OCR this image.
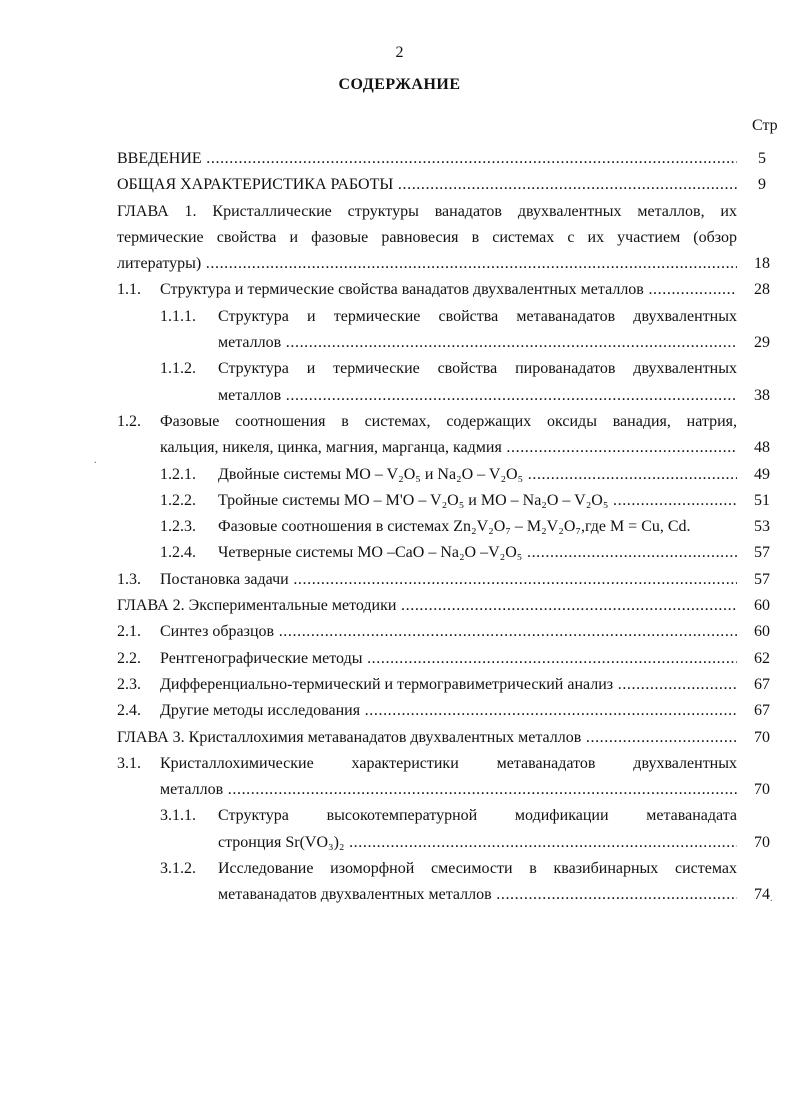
2
СОДЕРЖАНИЕ
Стр
ВВЕДЕНИЕ .....	5
ОБЩАЯ ХАРАКТЕРИСТИКА РАБОТЫ .....	9
ГЛАВА 1. Кристаллические структуры ванадатов двухвалентных металлов, их
термические свойства и фазовые равновесия в системах с их участием (обзор
литературы) .....	18
1.1. Структура и термические свойства ванадатов двухвалентных металлов .....	28
1.1.1. Структура и термические свойства метаванадатов двухвалентных
металлов .....	29
1.1.2. Структура и термические свойства пированадатов двухвалентных
металлов .....	38
1.2. Фазовые соотношения в системах, содержащих оксиды ванадия, натрия,
кальция, никеля, цинка, магния, марганца, кадмия .....	48
1.2.1. Двойные системы MO – V₂O₅ и Na₂O – V₂O₅ .....	49
1.2.2. Тройные системы MO – M'O – V₂O₅ и MO – Na₂O – V₂O₅ .....	51
1.2.3. Фазовые соотношения в системах Zn₂V₂O₇ – M₂V₂O₇,где M = Cu, Cd.	53
1.2.4. Четверные системы MO –CaO – Na₂O –V₂O₅ .....	57
1.3. Постановка задачи .....	57
ГЛАВА 2. Экспериментальные методики .....	60
2.1. Синтез образцов .....	60
2.2. Рентгенографические методы .....	62
2.3. Дифференциально-термический и термогравиметрический анализ .....	67
2.4. Другие методы исследования .....	67
ГЛАВА 3. Кристаллохимия метаванадатов двухвалентных металлов .....	70
3.1. Кристаллохимические характеристики метаванадатов двухвалентных
металлов .....	70
3.1.1. Структура высокотемпературной модификации метаванадата
стронция Sr(VO₃)₂ .....	70
3.1.2. Исследование изоморфной смесимости в квазибинарных системах
метаванадатов двухвалентных металлов .....	74
.
.
